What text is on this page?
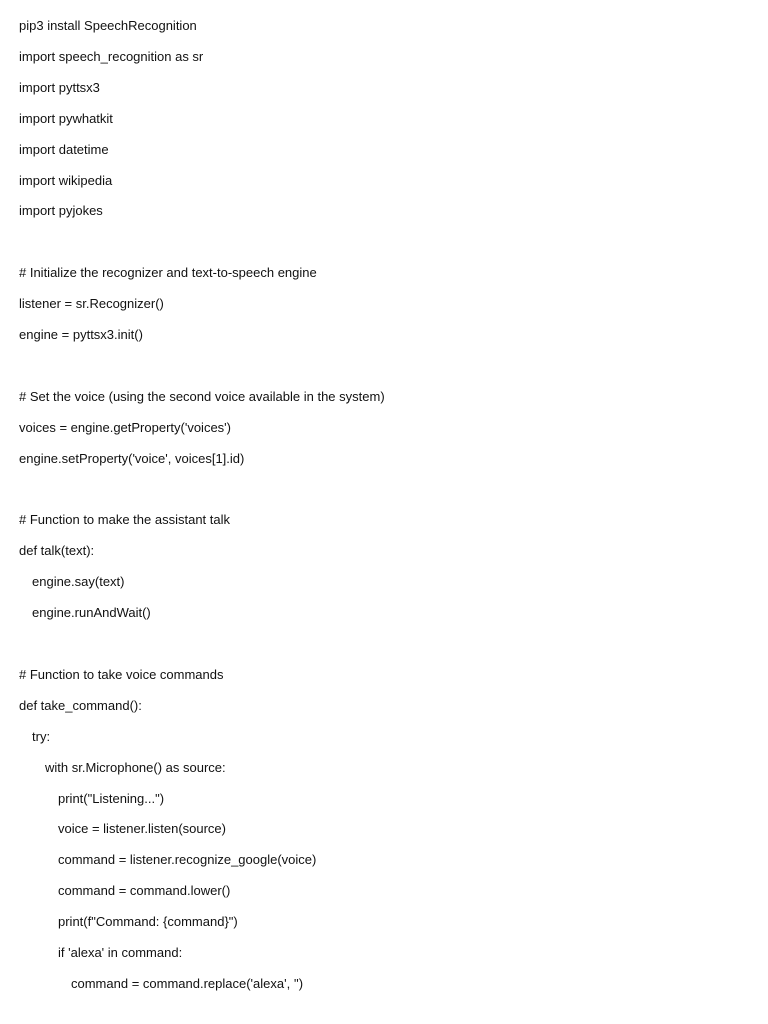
pip3 install SpeechRecognition
import speech_recognition as sr
import pyttsx3
import pywhatkit
import datetime
import wikipedia
import pyjokes
# Initialize the recognizer and text-to-speech engine
listener = sr.Recognizer()
engine = pyttsx3.init()
# Set the voice (using the second voice available in the system)
voices = engine.getProperty('voices')
engine.setProperty('voice', voices[1].id)
# Function to make the assistant talk
def talk(text):
engine.say(text)
engine.runAndWait()
# Function to take voice commands
def take_command():
try:
with sr.Microphone() as source:
print("Listening...")
voice = listener.listen(source)
command = listener.recognize_google(voice)
command = command.lower()
print(f"Command: {command}")
if 'alexa' in command:
command = command.replace('alexa', '')
